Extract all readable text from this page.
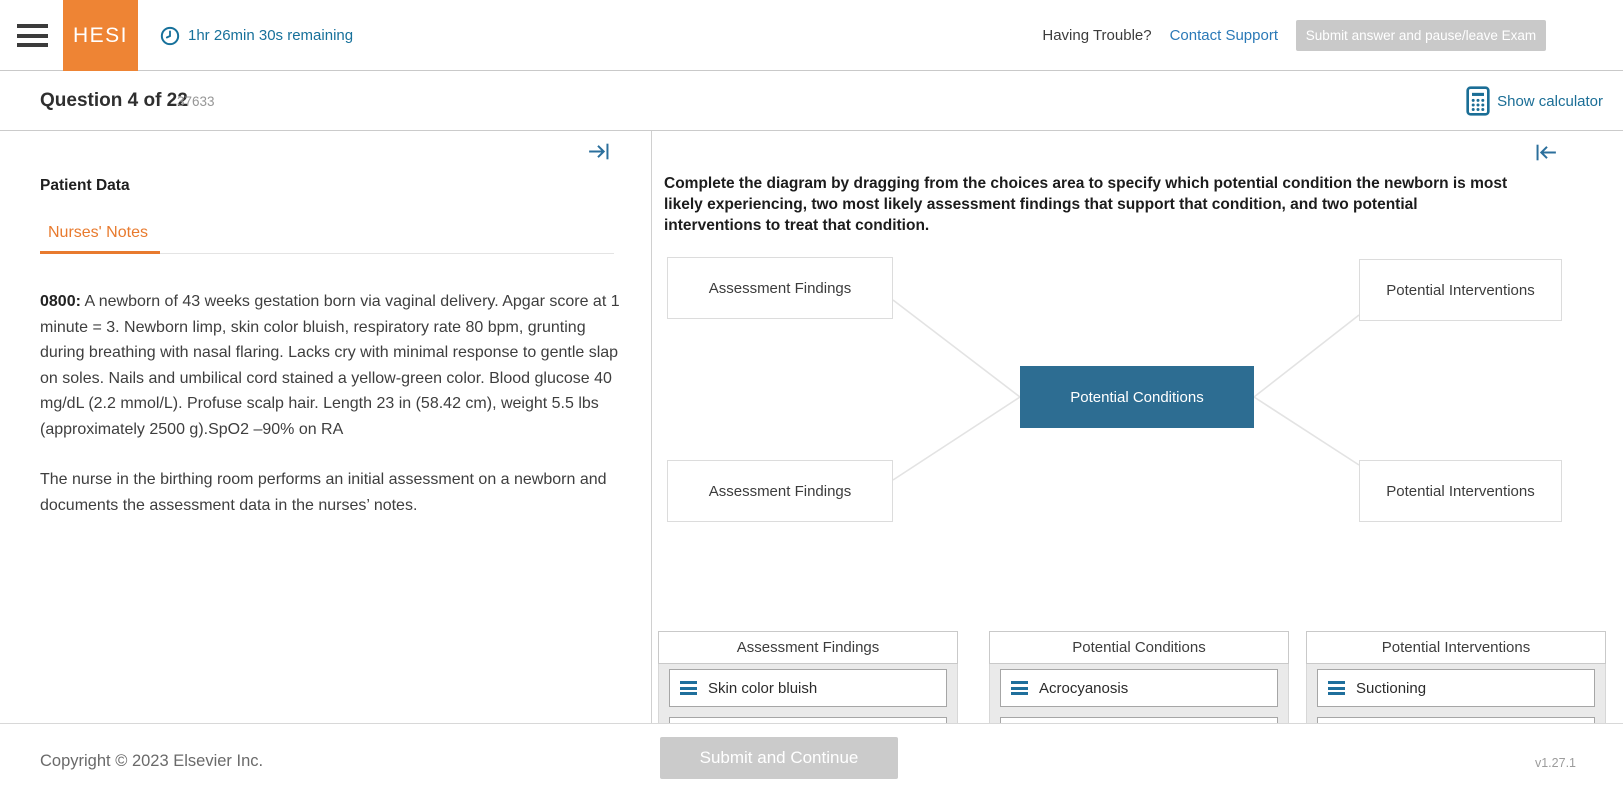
HESI	1hr 26min 30s remaining	Having Trouble? Contact Support	Submit answer and pause/leave Exam
Question 4 of 22
37633	Show calculator
Patient Data
Nurses' Notes

0800: A newborn of 43 weeks gestation born via vaginal delivery. Apgar score at 1 minute = 3. Newborn limp, skin color bluish, respiratory rate 80 bpm, grunting during breathing with nasal flaring. Lacks cry with minimal response to gentle slap on soles. Nails and umbilical cord stained a yellow-green color. Blood glucose 40 mg/dL (2.2 mmol/L). Profuse scalp hair. Length 23 in (58.42 cm), weight 5.5 lbs (approximately 2500 g).SpO2 –90% on RA

The nurse in the birthing room performs an initial assessment on a newborn and documents the assessment data in the nurses’ notes.

Complete the diagram by dragging from the choices area to specify which potential condition the newborn is most likely experiencing, two most likely assessment findings that support that condition, and two potential interventions to treat that condition.

Assessment Findings
Assessment Findings
Potential Conditions
Potential Interventions
Potential Interventions
Assessment Findings
Skin color bluish
Potential Conditions
Acrocyanosis
Potential Interventions
Suctioning
Copyright © 2023 Elsevier Inc.	Submit and Continue	v1.27.1
